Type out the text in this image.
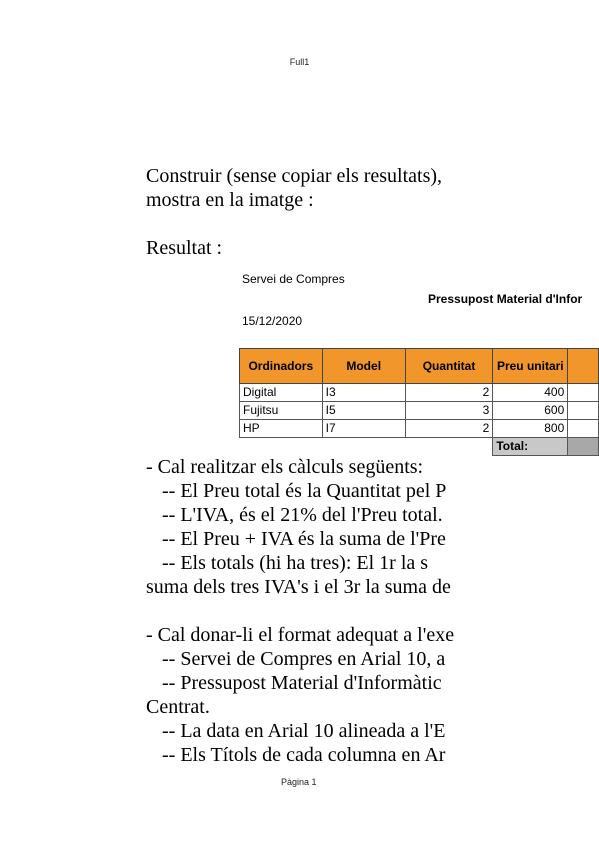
Full1
Construir (sense copiar els resultats),
mostra en la imatge :
Resultat :
Servei de Compres
Pressupost Material d'Infor
15/12/2020
Ordinadors	Model	Quantitat	Preu unitari	
Digital	I3	2	400	
Fujitsu	I5	3	600	
HP	I7	2	800	
			Total:	
- Cal realitzar els càlculs següents:
-- El Preu total és la Quantitat pel P
-- L'IVA, és el 21% del l'Preu total.
-- El Preu + IVA és la suma de l'Pre
-- Els totals (hi ha tres): El 1r la s
suma dels tres IVA's i el 3r la suma de
- Cal donar-li el format adequat a l'exe
-- Servei de Compres en Arial 10, a
-- Pressupost Material d'Informàtic
Centrat.
-- La data en Arial 10 alineada a l'E
-- Els Títols de cada columna en Ar
Pàgina 1
